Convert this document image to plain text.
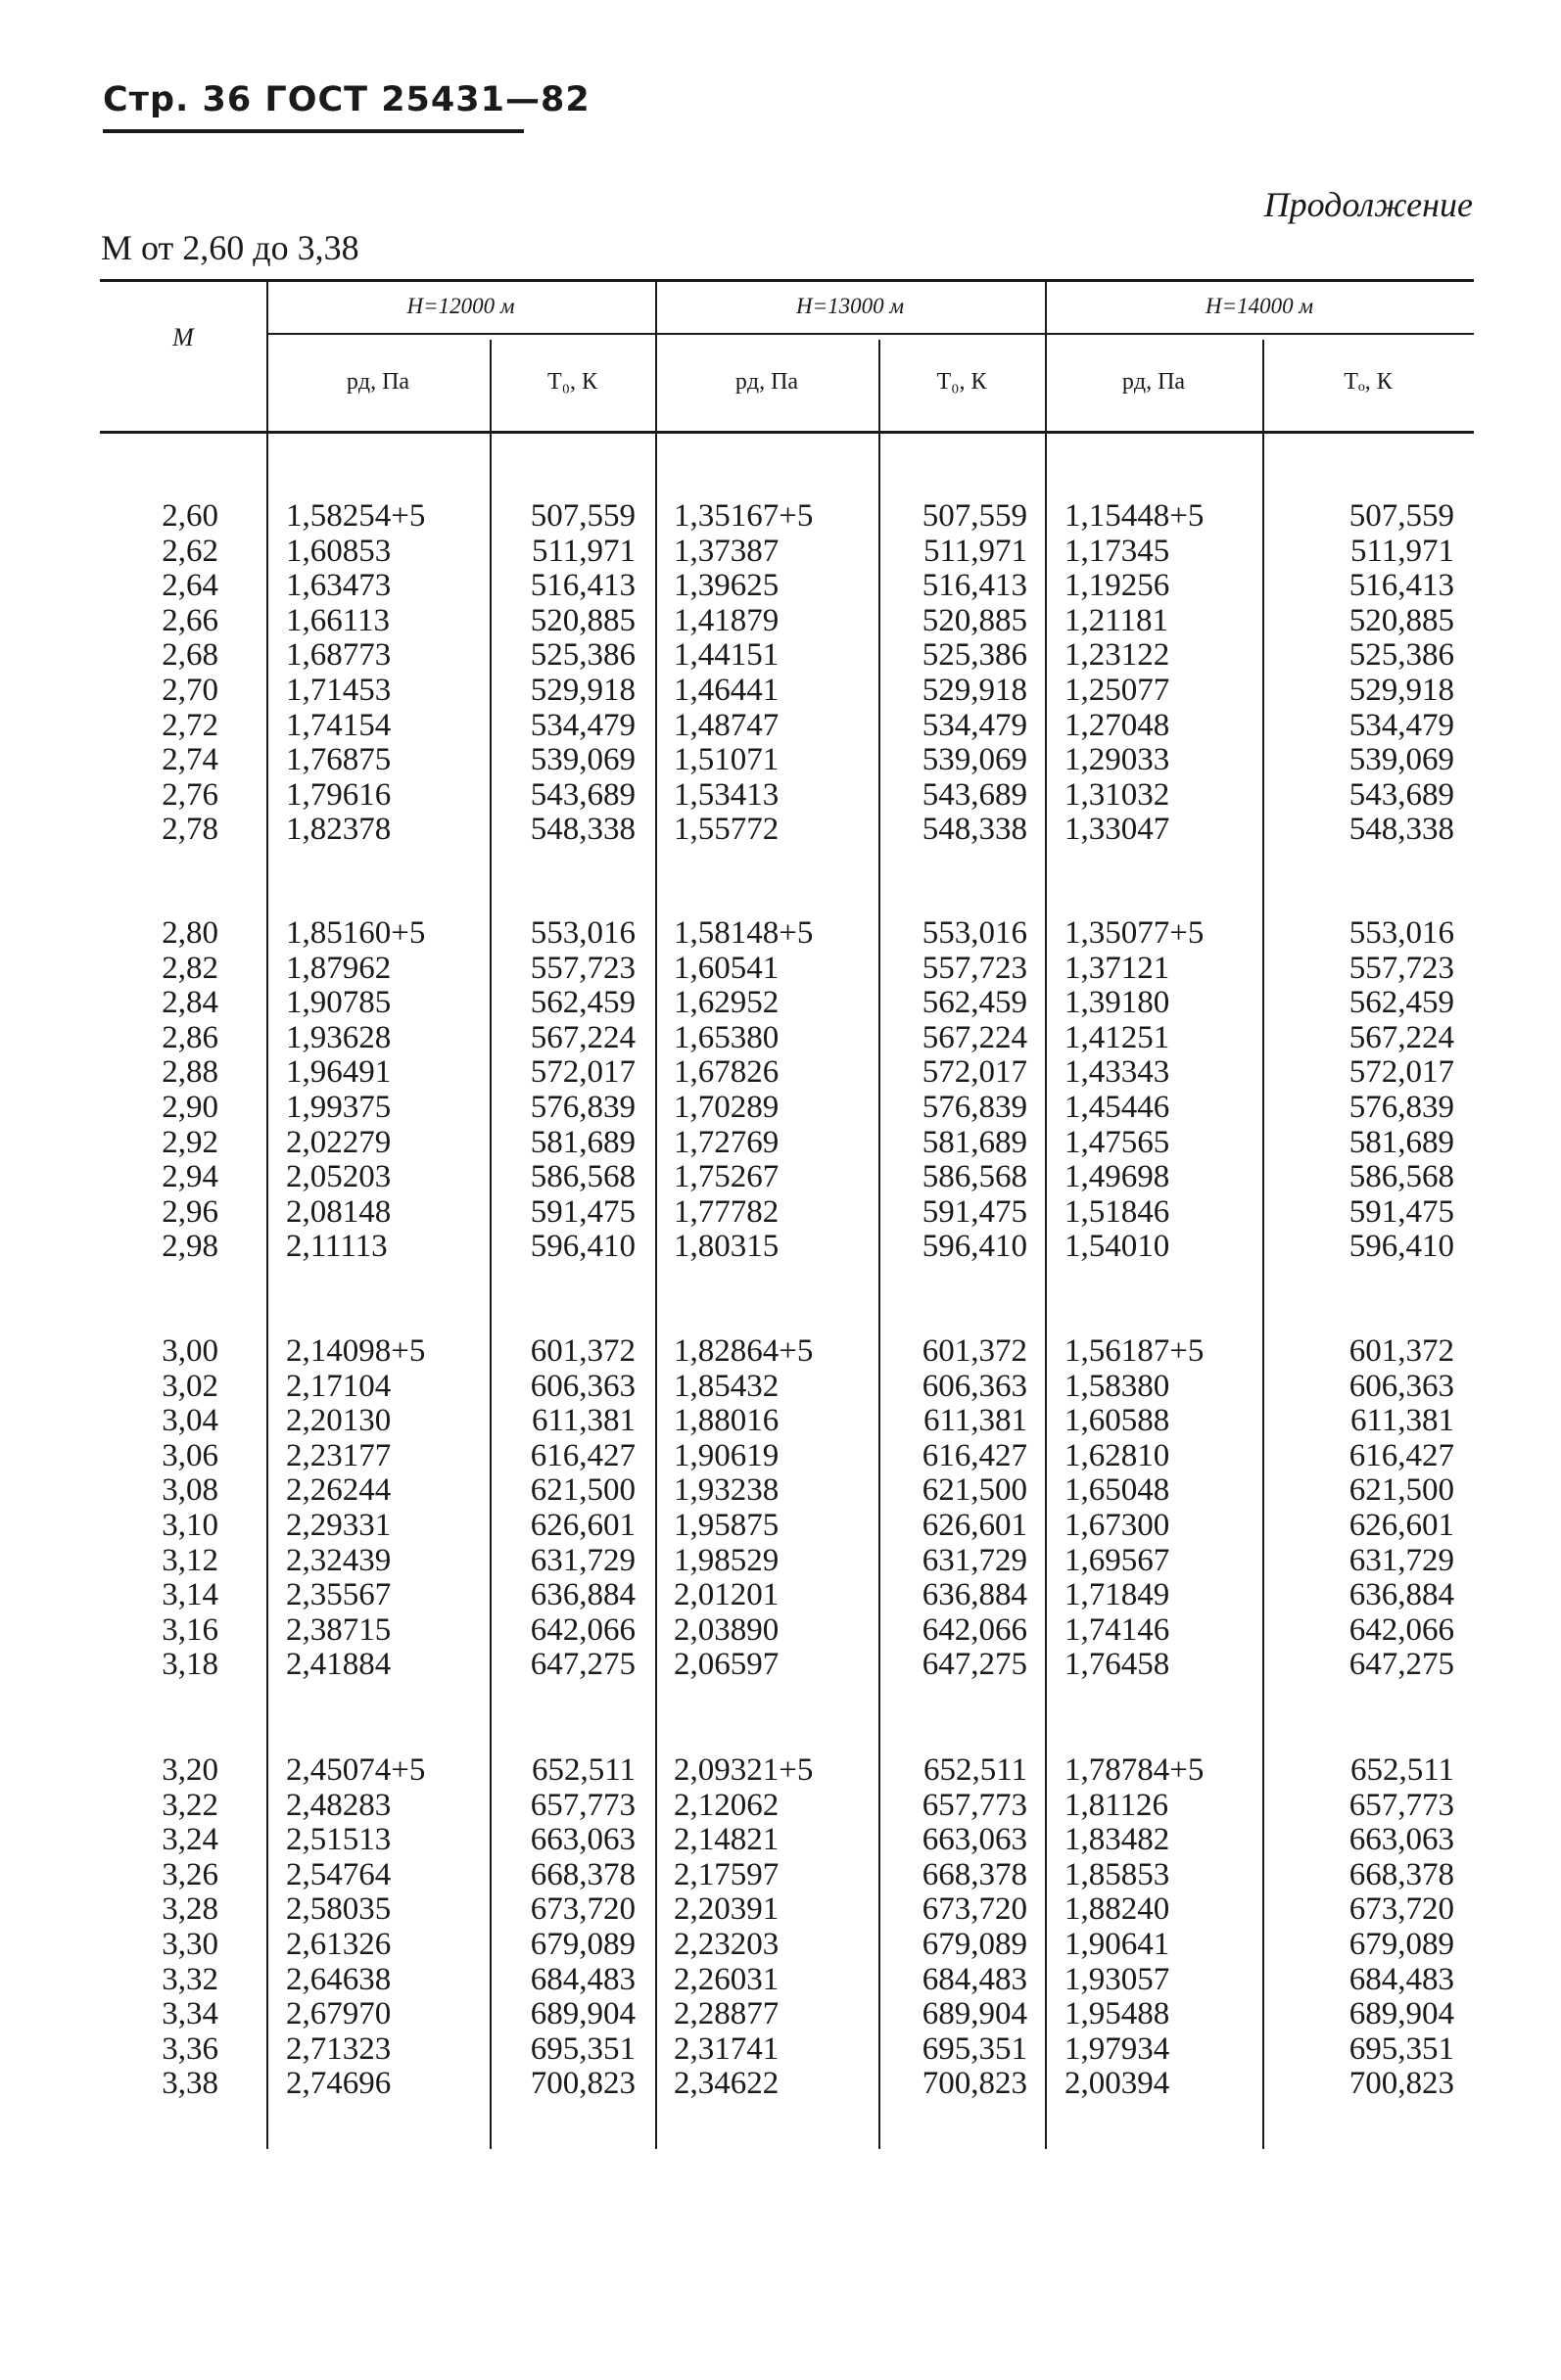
Стр. 36 ГОСТ 25431—82
Продолжение
М от 2,60 до 3,38
M
H=12000 м	H=13000 м	H=14000 м
pд, Па	T₀, К	pд, Па	T₀, К	pд, Па	Tₒ, К
2,60 1,58254+5	507,559 1,35167+5	507,559 1,15448+5	507,559
2,62 1,60853	511,971 1,37387	511,971 1,17345	511,971
2,64 1,63473	516,413 1,39625	516,413 1,19256	516,413
2,66 1,66113	520,885 1,41879	520,885 1,21181	520,885
2,68 1,68773	525,386 1,44151	525,386 1,23122	525,386
2,70 1,71453	529,918 1,46441	529,918 1,25077	529,918
2,72 1,74154	534,479 1,48747	534,479 1,27048	534,479
2,74 1,76875	539,069 1,51071	539,069 1,29033	539,069
2,76 1,79616	543,689 1,53413	543,689 1,31032	543,689
2,78 1,82378	548,338 1,55772	548,338 1,33047	548,338
2,80 1,85160+5	553,016 1,58148+5	553,016 1,35077+5	553,016
2,82 1,87962	557,723 1,60541	557,723 1,37121	557,723
2,84 1,90785	562,459 1,62952	562,459 1,39180	562,459
2,86 1,93628	567,224 1,65380	567,224 1,41251	567,224
2,88 1,96491	572,017 1,67826	572,017 1,43343	572,017
2,90 1,99375	576,839 1,70289	576,839 1,45446	576,839
2,92 2,02279	581,689 1,72769	581,689 1,47565	581,689
2,94 2,05203	586,568 1,75267	586,568 1,49698	586,568
2,96 2,08148	591,475 1,77782	591,475 1,51846	591,475
2,98 2,11113	596,410 1,80315	596,410 1,54010	596,410
3,00 2,14098+5	601,372 1,82864+5	601,372 1,56187+5	601,372
3,02 2,17104	606,363 1,85432	606,363 1,58380	606,363
3,04 2,20130	611,381 1,88016	611,381 1,60588	611,381
3,06 2,23177	616,427 1,90619	616,427 1,62810	616,427
3,08 2,26244	621,500 1,93238	621,500 1,65048	621,500
3,10 2,29331	626,601 1,95875	626,601 1,67300	626,601
3,12 2,32439	631,729 1,98529	631,729 1,69567	631,729
3,14 2,35567	636,884 2,01201	636,884 1,71849	636,884
3,16 2,38715	642,066 2,03890	642,066 1,74146	642,066
3,18 2,41884	647,275 2,06597	647,275 1,76458	647,275
3,20 2,45074+5	652,511 2,09321+5	652,511 1,78784+5	652,511
3,22 2,48283	657,773 2,12062	657,773 1,81126	657,773
3,24 2,51513	663,063 2,14821	663,063 1,83482	663,063
3,26 2,54764	668,378 2,17597	668,378 1,85853	668,378
3,28 2,58035	673,720 2,20391	673,720 1,88240	673,720
3,30 2,61326	679,089 2,23203	679,089 1,90641	679,089
3,32 2,64638	684,483 2,26031	684,483 1,93057	684,483
3,34 2,67970	689,904 2,28877	689,904 1,95488	689,904
3,36 2,71323	695,351 2,31741	695,351 1,97934	695,351
3,38 2,74696	700,823 2,34622	700,823 2,00394	700,823
